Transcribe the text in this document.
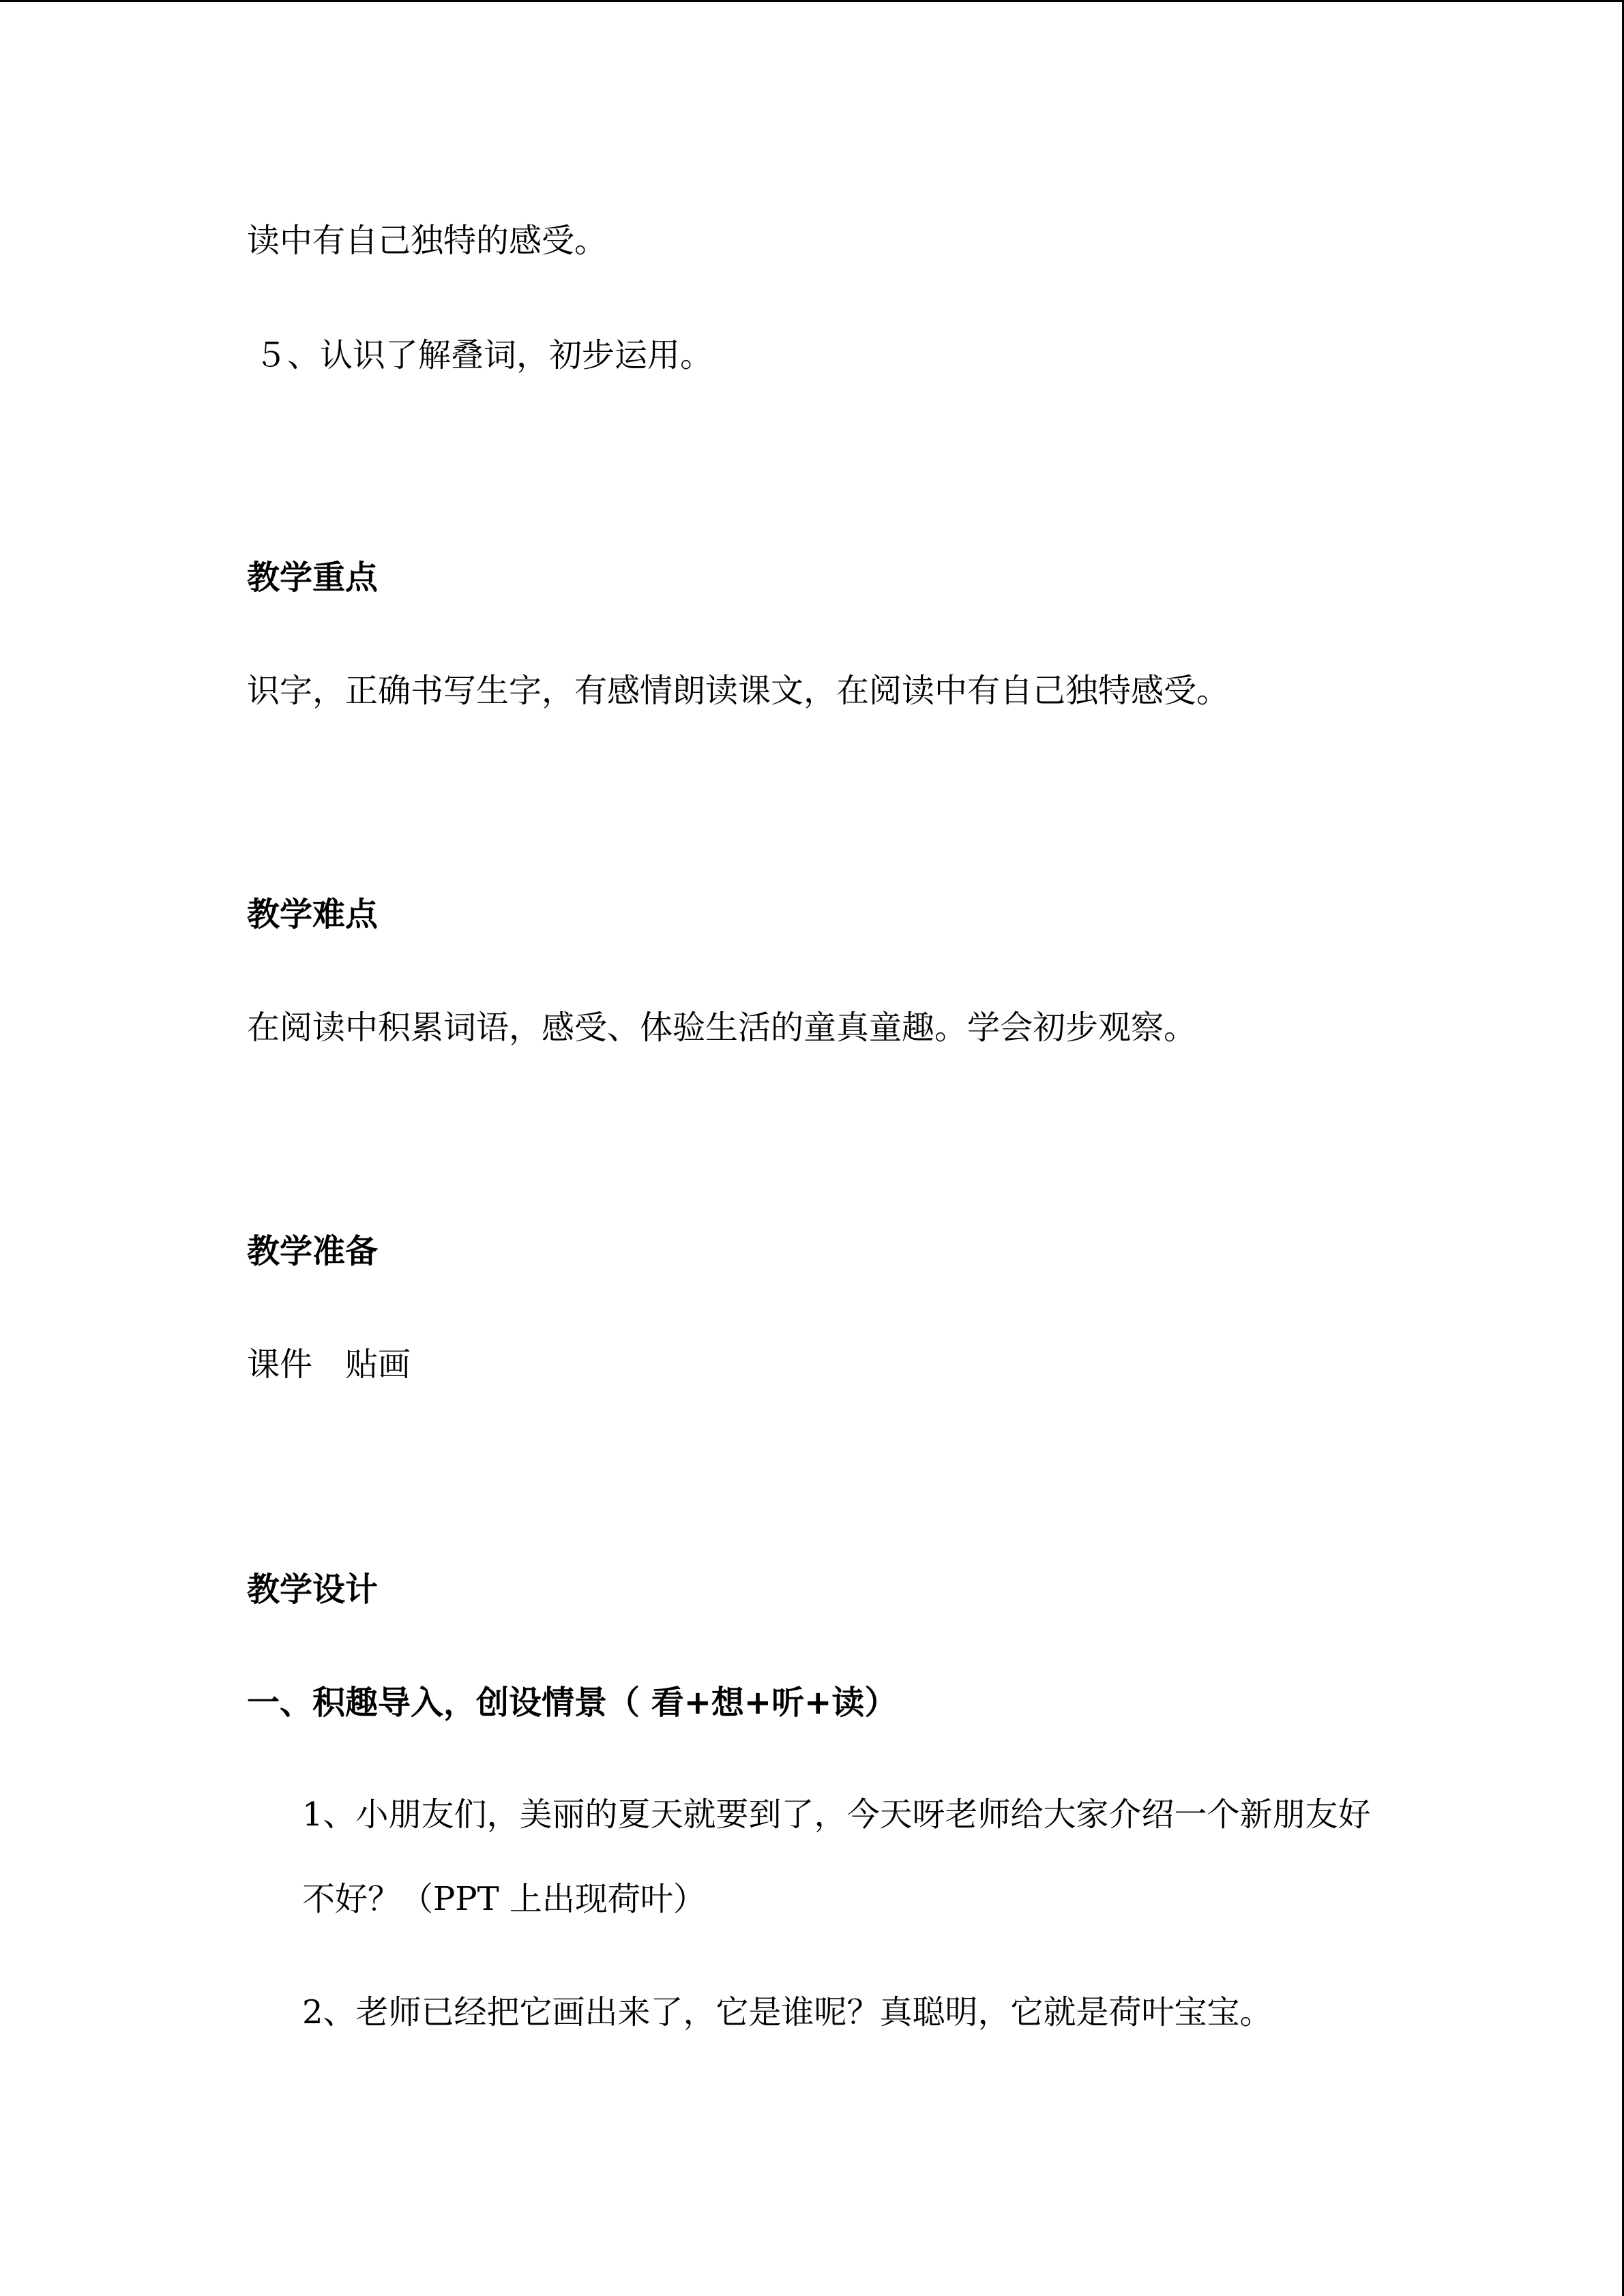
读中有自己独特的感受。

５、认识了解叠词，初步运用。

教学重点

识字，正确书写生字，有感情朗读课文，在阅读中有自己独特感受。

教学难点

在阅读中积累词语，感受、体验生活的童真童趣。学会初步观察。

教学准备

课件　贴画

教学设计

一、积趣导入，创设情景（ 看+想+听+读）

1、小朋友们，美丽的夏天就要到了，今天呀老师给大家介绍一个新朋友好

不好？（PPT 上出现荷叶）

2、老师已经把它画出来了，它是谁呢？真聪明，它就是荷叶宝宝。
